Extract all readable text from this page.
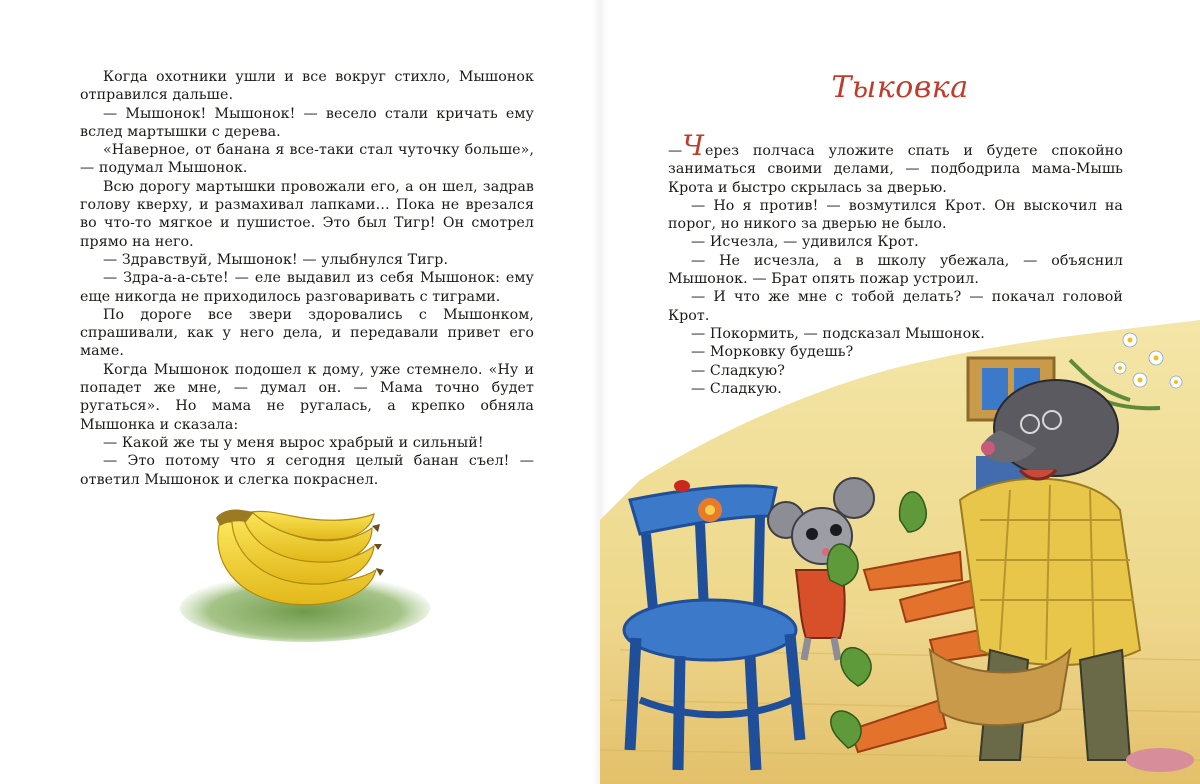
Когда охотники ушли и все вокруг стихло, Мышонок отправился дальше.

— Мышонок! Мышонок! — весело стали кричать ему вслед мартышки с дерева.

«Наверное, от банана я все-таки стал чуточку больше», — подумал Мышонок.

Всю дорогу мартышки провожали его, а он шел, задрав голову кверху, и размахивал лапками… Пока не врезался во что-то мягкое и пушистое. Это был Тигр! Он смотрел прямо на него.

— Здравствуй, Мышонок! — улыбнулся Тигр.

— Здра-а-а-сьте! — еле выдавил из себя Мышонок: ему еще никогда не приходилось разговаривать с тиграми.

По дороге все звери здоровались с Мышонком, спрашивали, как у него дела, и передавали привет его маме.

Когда Мышонок подошел к дому, уже стемнело. «Ну и попадет же мне, — думал он. — Мама точно будет ругаться». Но мама не ругалась, а крепко обняла Мышонка и сказала:

— Какой же ты у меня вырос храбрый и сильный!

— Это потому что я сегодня целый банан съел! — ответил Мышонок и слегка покраснел.

Тыковка

—Через полчаса уложите спать и будете спокойно заниматься своими делами, — подбодрила мама-Мышь Крота и быстро скрылась за дверью.

— Но я против! — возмутился Крот. Он выскочил на порог, но никого за дверью не было.

— Исчезла, — удивился Крот.

— Не исчезла, а в школу убежала, — объяснил Мышонок. — Брат опять пожар устроил.

— И что же мне с тобой делать? — покачал головой Крот.

— Покормить, — подсказал Мышонок.

— Морковку будешь?

— Сладкую?

— Сладкую.
